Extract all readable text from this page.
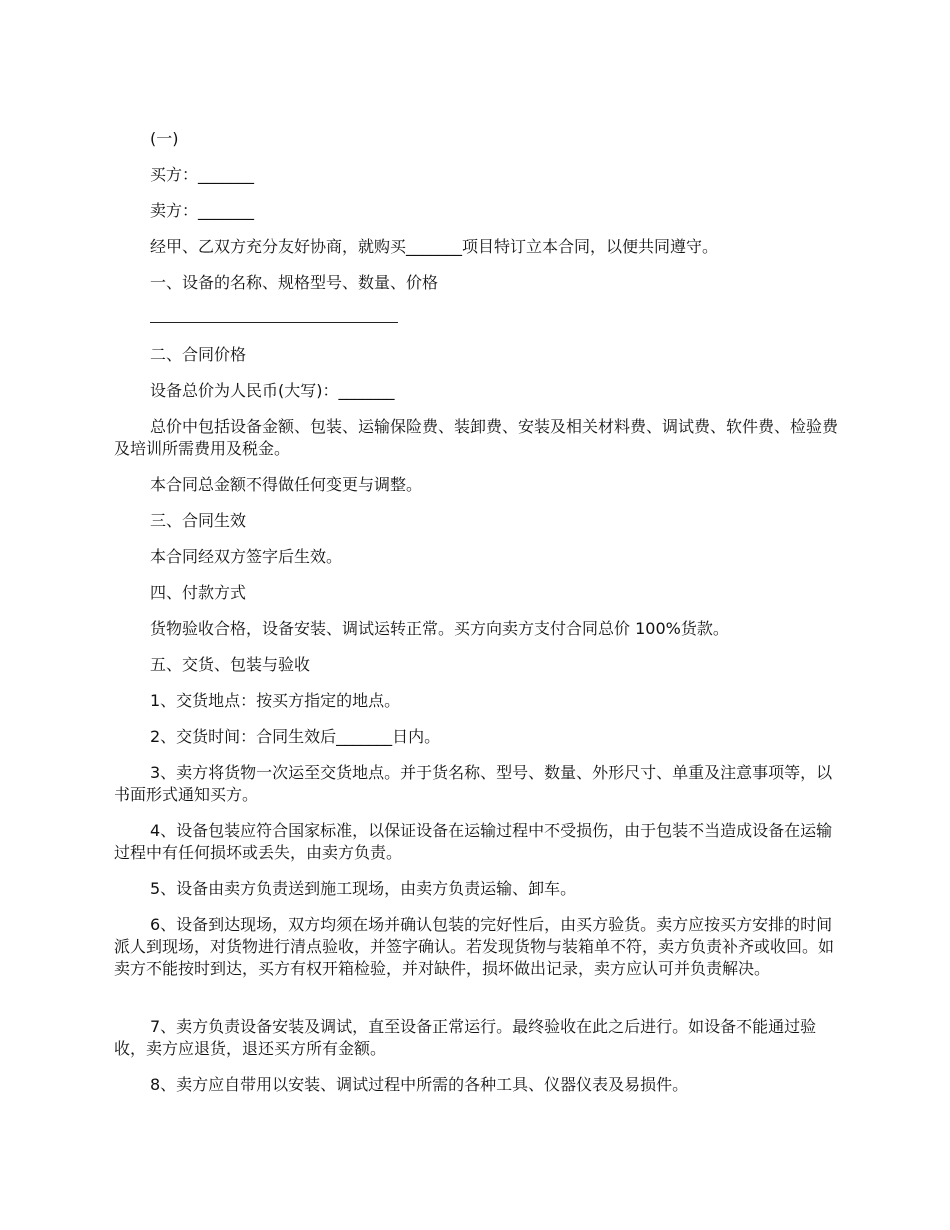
(一)

买方：_______

卖方：_______

经甲、乙双方充分友好协商，就购买_______项目特订立本合同，以便共同遵守。

一、设备的名称、规格型号、数量、价格

二、合同价格

设备总价为人民币(大写)：_______

总价中包括设备金额、包装、运输保险费、装卸费、安装及相关材料费、调试费、软件费、检验费及培训所需费用及税金。

本合同总金额不得做任何变更与调整。

三、合同生效

本合同经双方签字后生效。

四、付款方式

货物验收合格，设备安装、调试运转正常。买方向卖方支付合同总价 100%货款。

五、交货、包装与验收

1、交货地点：按买方指定的地点。

2、交货时间：合同生效后_______日内。

3、卖方将货物一次运至交货地点。并于货名称、型号、数量、外形尺寸、单重及注意事项等，以书面形式通知买方。

4、设备包装应符合国家标准，以保证设备在运输过程中不受损伤，由于包装不当造成设备在运输过程中有任何损坏或丢失，由卖方负责。

5、设备由卖方负责送到施工现场，由卖方负责运输、卸车。

6、设备到达现场，双方均须在场并确认包装的完好性后，由买方验货。卖方应按买方安排的时间派人到现场，对货物进行清点验收，并签字确认。若发现货物与装箱单不符，卖方负责补齐或收回。如卖方不能按时到达，买方有权开箱检验，并对缺件，损坏做出记录，卖方应认可并负责解决。

7、卖方负责设备安装及调试，直至设备正常运行。最终验收在此之后进行。如设备不能通过验收，卖方应退货，退还买方所有金额。

8、卖方应自带用以安装、调试过程中所需的各种工具、仪器仪表及易损件。
